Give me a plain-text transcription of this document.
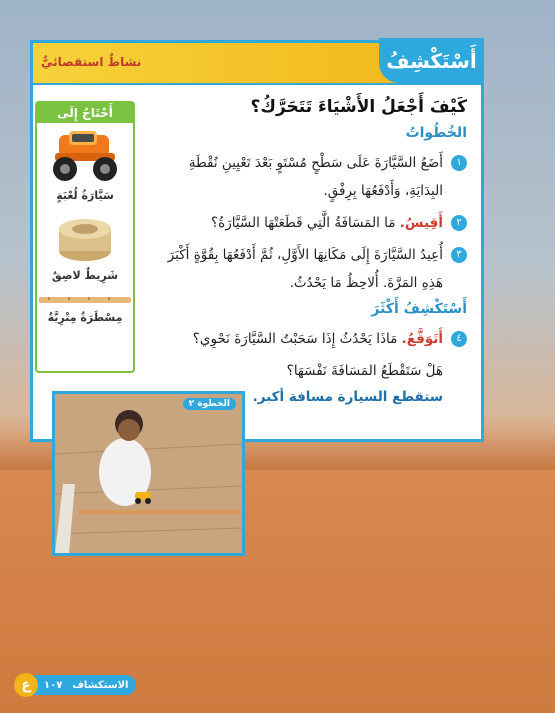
أَسْتَكْشِفُ
نشاطٌ استقصائيٌّ
كَيْفَ أَجْعَلُ الأَشْيَاءَ تَتَحَرَّكُ؟
الخُطُواتُ
١
أَضَعُ السَّيَّارَةَ عَلَى سَطْحٍ مُسْتَوٍ بَعْدَ تَعْيِينِ نُقْطَةِ البِدَايَةِ، وَأَدْفَعُهَا بِرِفْقٍ.
٢
أَقِيسُ. مَا المَسَافَةُ الَّتِي قَطَعَتْهَا السَّيَّارَةُ؟
٣
أُعِيدُ السَّيَّارَةَ إِلَى مَكَانِهَا الأَوَّلِ، ثُمَّ أَدْفَعُهَا بِقُوَّةٍ أَكْبَرَ هَذِهِ المَرَّةَ. أُلاحِظُ مَا يَحْدُثُ.
أَسْتَكْشِفُ أَكْثَرَ
٤
أَتَوَقَّعُ. مَاذَا يَحْدُثُ إِذَا سَحَبْتُ السَّيَّارَةَ نَحْوِي؟
هَلْ سَتَقْطَعُ المَسَافَةَ نَفْسَهَا؟
ستقطع السيارة مسافة أكبر.
أَحْتَاجُ إِلَى
سَيَّارَةُ لُعْبَةٍ
شَرِيطٌ لاصِقٌ
مِسْطَرَةٌ مِتْرِيَّةٌ
الخطوة ٢
الاستكشاف
١٠٧
ع
